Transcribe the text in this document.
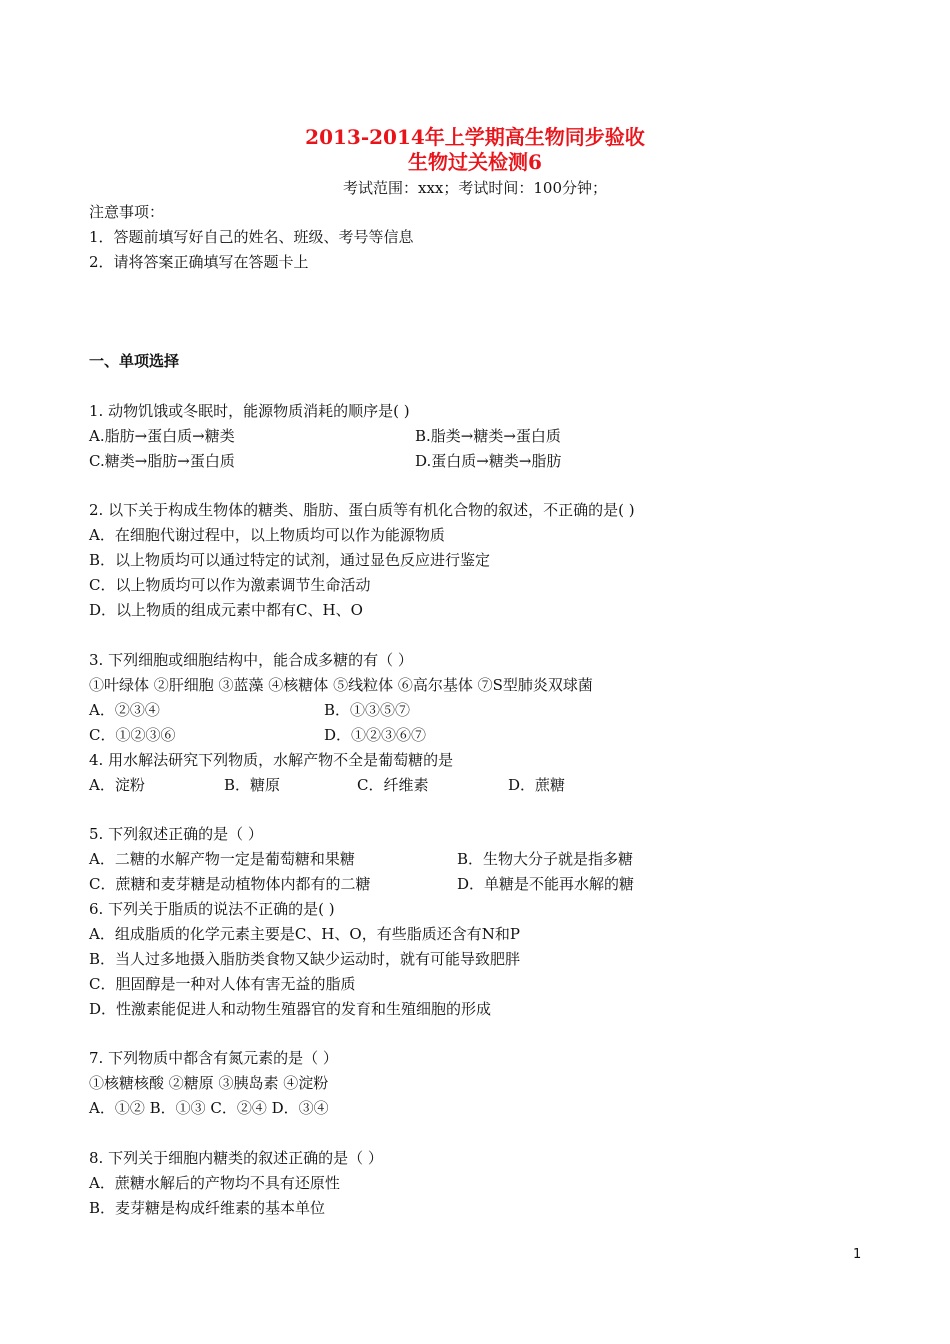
2013-2014年上学期高生物同步验收
生物过关检测6
考试范围：xxx；考试时间：100分钟；
注意事项：
1．答题前填写好自己的姓名、班级、考号等信息
2．请将答案正确填写在答题卡上
一、单项选择
1. 动物饥饿或冬眠时，能源物质消耗的顺序是( )
A.脂肪→蛋白质→糖类	B.脂类→糖类→蛋白质
C.糖类→脂肪→蛋白质	D.蛋白质→糖类→脂肪
2. 以下关于构成生物体的糖类、脂肪、蛋白质等有机化合物的叙述，不正确的是( )
A．在细胞代谢过程中，以上物质均可以作为能源物质
B．以上物质均可以通过特定的试剂，通过显色反应进行鉴定
C．以上物质均可以作为激素调节生命活动
D．以上物质的组成元素中都有C、H、O
3. 下列细胞或细胞结构中，能合成多糖的有（ ）
①叶绿体 ②肝细胞 ③蓝藻 ④核糖体 ⑤线粒体 ⑥高尔基体 ⑦S型肺炎双球菌
A．②③④	B．①③⑤⑦
C．①②③⑥	D．①②③⑥⑦
4. 用水解法研究下列物质，水解产物不全是葡萄糖的是
A．淀粉	B．糖原	C．纤维素	D．蔗糖
5. 下列叙述正确的是（ ）
A．二糖的水解产物一定是葡萄糖和果糖	B．生物大分子就是指多糖
C．蔗糖和麦芽糖是动植物体内都有的二糖	D．单糖是不能再水解的糖
6. 下列关于脂质的说法不正确的是( )
A．组成脂质的化学元素主要是C、H、O，有些脂质还含有N和P
B．当人过多地摄入脂肪类食物又缺少运动时，就有可能导致肥胖
C．胆固醇是一种对人体有害无益的脂质
D．性激素能促进人和动物生殖器官的发育和生殖细胞的形成
7. 下列物质中都含有氮元素的是（ ）
①核糖核酸 ②糖原 ③胰岛素 ④淀粉
A．①② B．①③ C．②④ D．③④
8. 下列关于细胞内糖类的叙述正确的是（ ）
A．蔗糖水解后的产物均不具有还原性
B．麦芽糖是构成纤维素的基本单位
1
